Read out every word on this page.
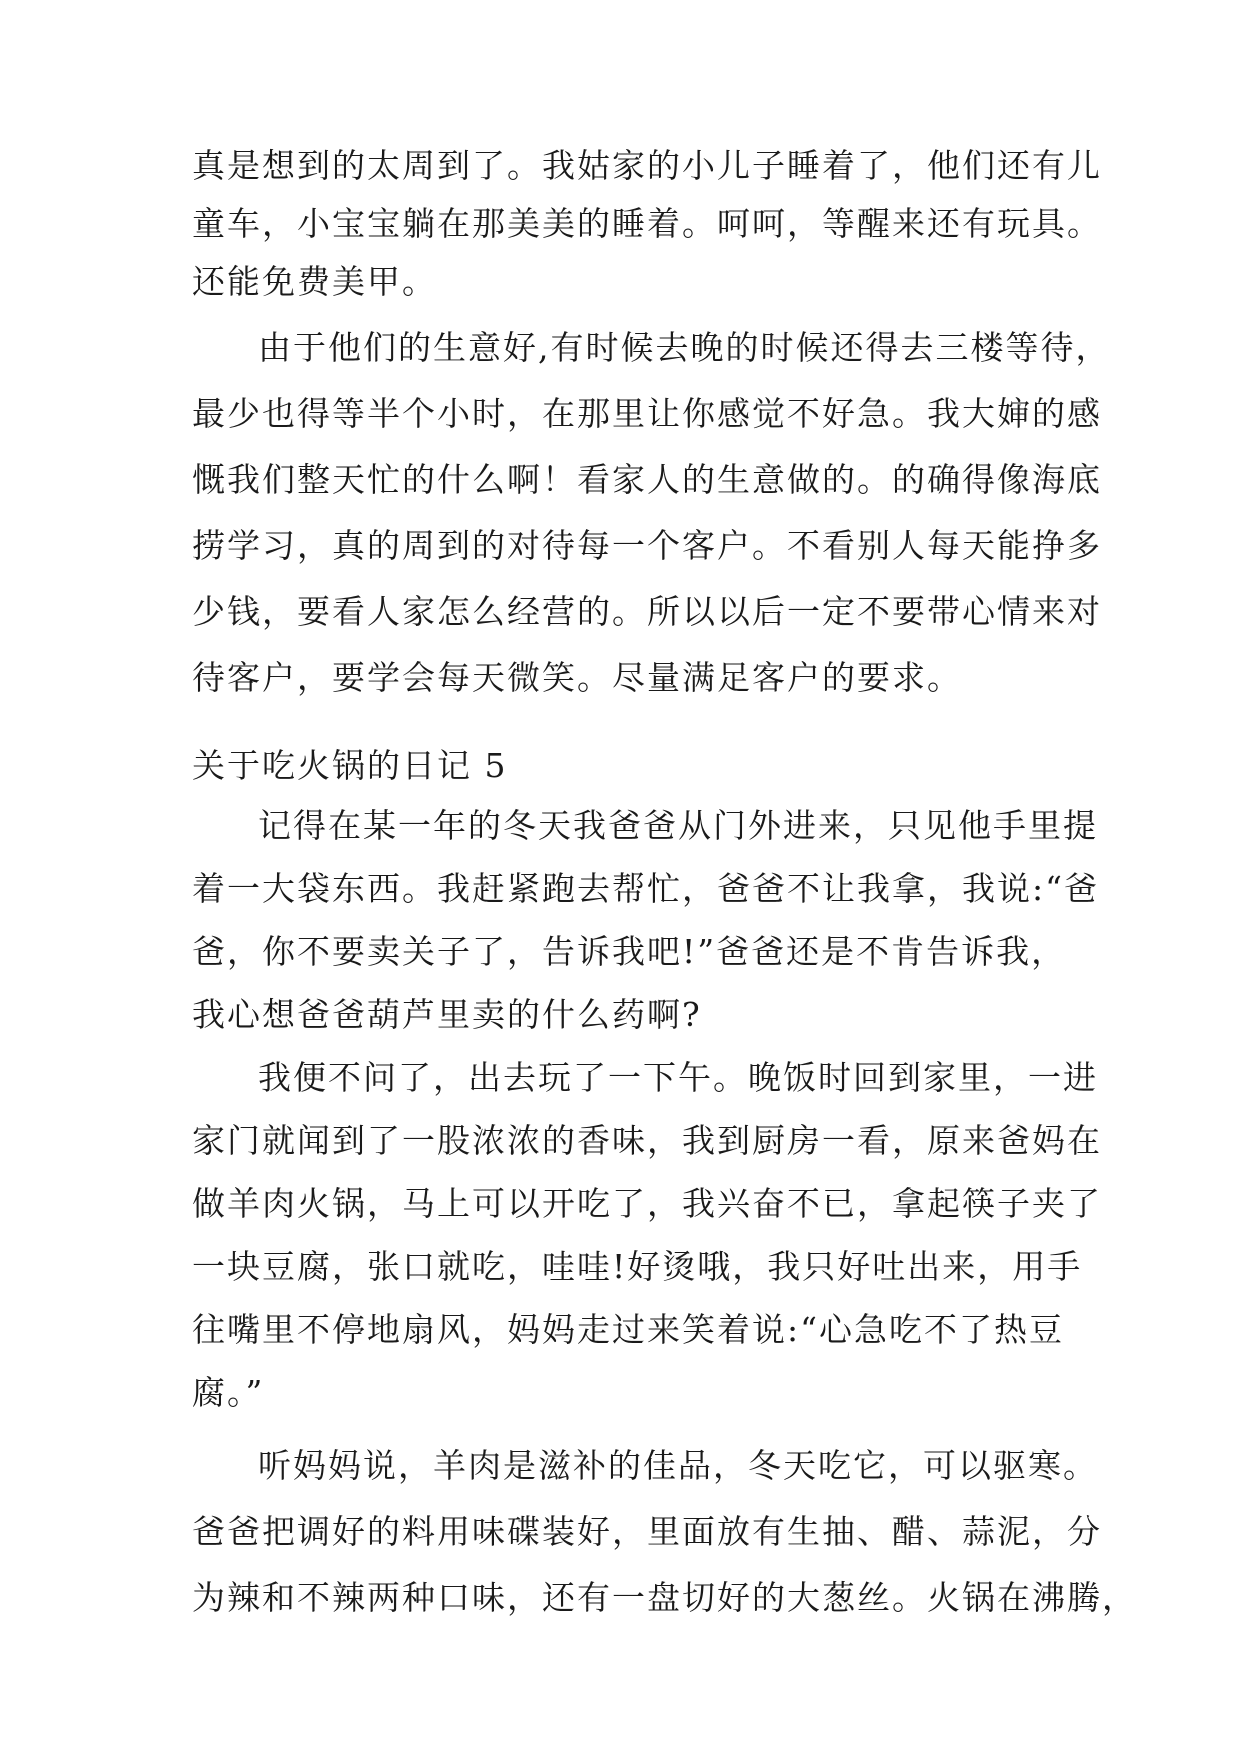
真是想到的太周到了。我姑家的小儿子睡着了，他们还有儿
童车，小宝宝躺在那美美的睡着。呵呵，等醒来还有玩具。
还能免费美甲。
由于他们的生意好,有时候去晚的时候还得去三楼等待，
最少也得等半个小时，在那里让你感觉不好急。我大婶的感
慨我们整天忙的什么啊！看家人的生意做的。的确得像海底
捞学习，真的周到的对待每一个客户。不看别人每天能挣多
少钱，要看人家怎么经营的。所以以后一定不要带心情来对
待客户，要学会每天微笑。尽量满足客户的要求。
关于吃火锅的日记 5
记得在某一年的冬天我爸爸从门外进来，只见他手里提
着一大袋东西。我赶紧跑去帮忙，爸爸不让我拿，我说:“爸
爸，你不要卖关子了，告诉我吧!”爸爸还是不肯告诉我，
我心想爸爸葫芦里卖的什么药啊?
我便不问了，出去玩了一下午。晚饭时回到家里，一进
家门就闻到了一股浓浓的香味，我到厨房一看，原来爸妈在
做羊肉火锅，马上可以开吃了，我兴奋不已，拿起筷子夹了
一块豆腐，张口就吃，哇哇!好烫哦，我只好吐出来，用手
往嘴里不停地扇风，妈妈走过来笑着说:“心急吃不了热豆
腐。”
听妈妈说，羊肉是滋补的佳品，冬天吃它，可以驱寒。
爸爸把调好的料用味碟装好，里面放有生抽、醋、蒜泥，分
为辣和不辣两种口味，还有一盘切好的大葱丝。火锅在沸腾，
